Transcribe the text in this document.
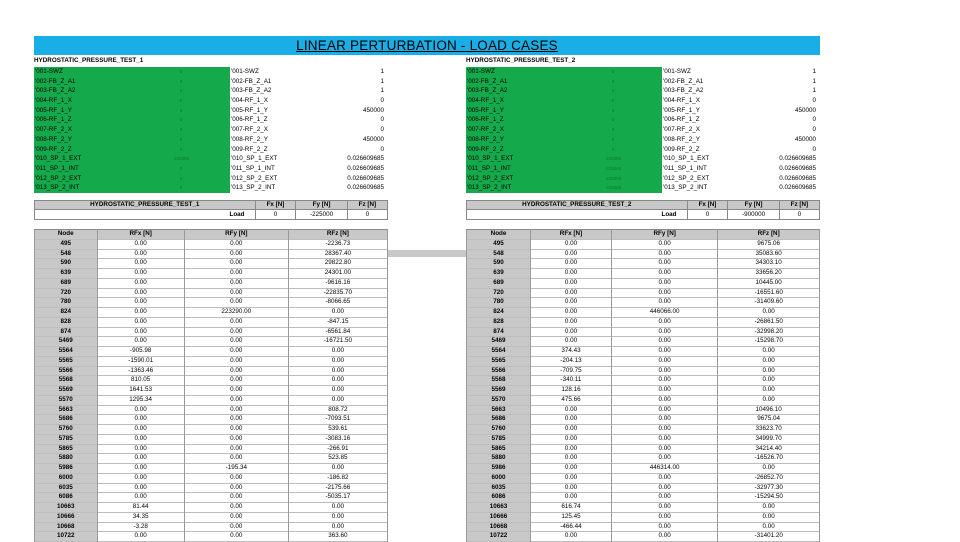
LINEAR PERTURBATION - LOAD CASES
HYDROSTATIC_PRESSURE_TEST_1
'001-SWZ	0	'001-SWZ	1
'002-FB_Z_A1	0	'002-FB_Z_A1	1
'003-FB_Z_A2	0	'003-FB_Z_A2	1
'004-RF_1_X	0	'004-RF_1_X	0
'005-RF_1_Y	0	'005-RF_1_Y	450000
'006-RF_1_Z	0	'006-RF_1_Z	0
'007-RF_2_X	0	'007-RF_2_X	0
'008-RF_2_Y	0	'008-RF_2_Y	450000
'009-RF_2_Z	0	'009-RF_2_Z	0
'010_SP_1_EXT	-225000	'010_SP_1_EXT	0.026609685
'011_SP_1_INT	0	'011_SP_1_INT	0.026609685
'012_SP_2_EXT	0	'012_SP_2_EXT	0.026609685
'013_SP_2_INT	0	'013_SP_2_INT	0.026609685
HYDROSTATIC_PRESSURE_TEST_2
'001-SWZ	0	'001-SWZ	1
'002-FB_Z_A1	0	'002-FB_Z_A1	1
'003-FB_Z_A2	0	'003-FB_Z_A2	1
'004-RF_1_X	0	'004-RF_1_X	0
'005-RF_1_Y	0	'005-RF_1_Y	450000
'006-RF_1_Z	0	'006-RF_1_Z	0
'007-RF_2_X	0	'007-RF_2_X	0
'008-RF_2_Y	0	'008-RF_2_Y	450000
'009-RF_2_Z	0	'009-RF_2_Z	0
'010_SP_1_EXT	-225000	'010_SP_1_EXT	0.026609685
'011_SP_1_INT	-225000	'011_SP_1_INT	0.026609685
'012_SP_2_EXT	-225000	'012_SP_2_EXT	0.026609685
'013_SP_2_INT	-225000	'013_SP_2_INT	0.026609685
HYDROSTATIC_PRESSURE_TEST_1	Fx [N]	Fy [N]	Fz [N]
Load	0	-225000	0
Node	RFx [N]	RFy [N]	RFz [N]
495	0.00	0.00	-2236.73
548	0.00	0.00	28367.40
590	0.00	0.00	29822.80
639	0.00	0.00	24301.00
689	0.00	0.00	-9616.16
720	0.00	0.00	-22835.70
780	0.00	0.00	-8066.65
824	0.00	223290.00	0.00
828	0.00	0.00	-847.15
874	0.00	0.00	-6561.84
5469	0.00	0.00	-16721.50
5564	-905.98	0.00	0.00
5565	-1590.01	0.00	0.00
5566	-1363.46	0.00	0.00
5568	810.05	0.00	0.00
5569	1641.53	0.00	0.00
5570	1295.34	0.00	0.00
5663	0.00	0.00	808.72
5686	0.00	0.00	-7093.51
5760	0.00	0.00	539.61
5785	0.00	0.00	-3083.16
5865	0.00	0.00	-266.91
5880	0.00	0.00	523.85
5986	0.00	-195.34	0.00
6000	0.00	0.00	-186.82
6035	0.00	0.00	-2175.66
6086	0.00	0.00	-5035.17
10663	81.44	0.00	0.00
10666	34.35	0.00	0.00
10668	-3.28	0.00	0.00
10722	0.00	0.00	363.60
HYDROSTATIC_PRESSURE_TEST_2	Fx [N]	Fy [N]	Fz [N]
Load	0	-900000	0
Node	RFx [N]	RFy [N]	RFz [N]
495	0.00	0.00	9675.06
548	0.00	0.00	35083.60
590	0.00	0.00	34303.10
639	0.00	0.00	33656.20
689	0.00	0.00	10445.00
720	0.00	0.00	-16551.60
780	0.00	0.00	-31409.60
824	0.00	446066.00	0.00
828	0.00	0.00	-26861.50
874	0.00	0.00	-32998.20
5469	0.00	0.00	-15298.70
5564	374.43	0.00	0.00
5565	-204.13	0.00	0.00
5566	-709.75	0.00	0.00
5568	-340.11	0.00	0.00
5569	128.16	0.00	0.00
5570	475.66	0.00	0.00
5663	0.00	0.00	10496.10
5686	0.00	0.00	9675.04
5760	0.00	0.00	33623.70
5785	0.00	0.00	34999.70
5865	0.00	0.00	34214.40
5880	0.00	0.00	-16526.70
5986	0.00	446314.00	0.00
6000	0.00	0.00	-26852.70
6035	0.00	0.00	-32977.30
6086	0.00	0.00	-15294.50
10663	616.74	0.00	0.00
10666	125.45	0.00	0.00
10668	-466.44	0.00	0.00
10722	0.00	0.00	-31401.20
